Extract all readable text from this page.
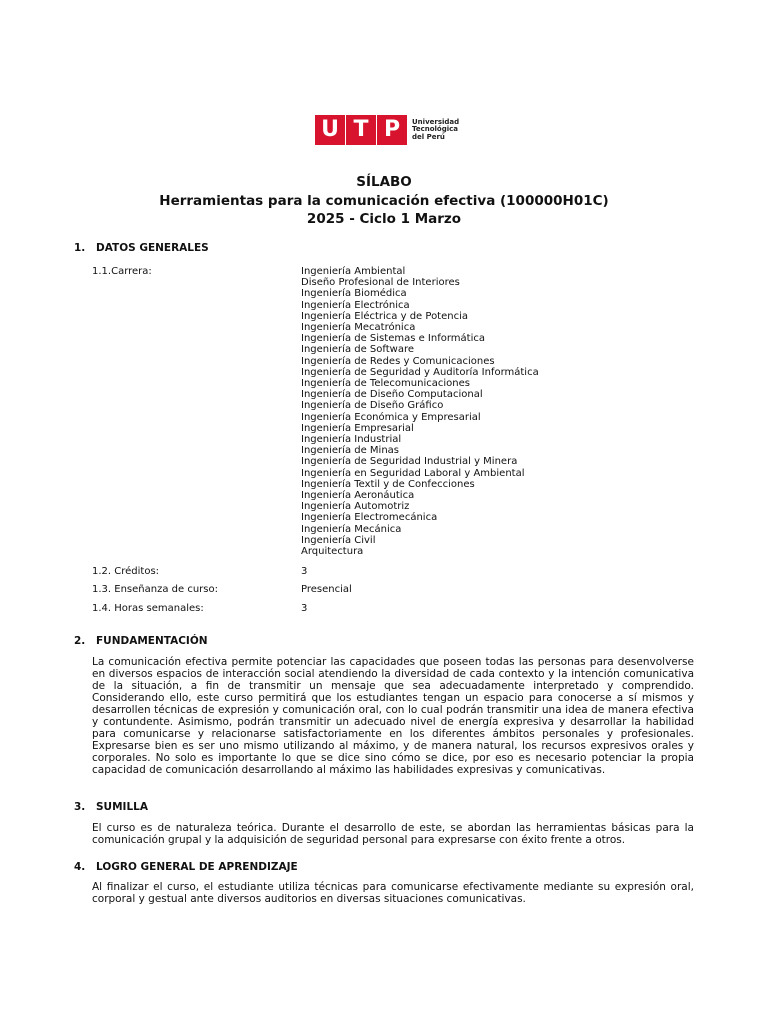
U T P	Universidad
Tecnológica
del Perú
SÍLABO
Herramientas para la comunicación efectiva (100000H01C)
2025 - Ciclo 1 Marzo
1. DATOS GENERALES
1.1.Carrera:	Ingeniería Ambiental
Diseño Profesional de Interiores
Ingeniería Biomédica
Ingeniería Electrónica
Ingeniería Eléctrica y de Potencia
Ingeniería Mecatrónica
Ingeniería de Sistemas e Informática
Ingeniería de Software
Ingeniería de Redes y Comunicaciones
Ingeniería de Seguridad y Auditoría Informática
Ingeniería de Telecomunicaciones
Ingeniería de Diseño Computacional
Ingeniería de Diseño Gráfico
Ingeniería Económica y Empresarial
Ingeniería Empresarial
Ingeniería Industrial
Ingeniería de Minas
Ingeniería de Seguridad Industrial y Minera
Ingeniería en Seguridad Laboral y Ambiental
Ingeniería Textil y de Confecciones
Ingeniería Aeronáutica
Ingeniería Automotriz
Ingeniería Electromecánica
Ingeniería Mecánica
Ingeniería Civil
Arquitectura
1.2. Créditos:	3
1.3. Enseñanza de curso:	Presencial
1.4. Horas semanales:	3
2. FUNDAMENTACIÓN
La comunicación efectiva permite potenciar las capacidades que poseen todas las personas para desenvolverse en diversos espacios de interacción social atendiendo la diversidad de cada contexto y la intención comunicativa de la situación, a fin de transmitir un mensaje que sea adecuadamente interpretado y comprendido. Considerando ello, este curso permitirá que los estudiantes tengan un espacio para conocerse a sí mismos y desarrollen técnicas de expresión y comunicación oral, con lo cual podrán transmitir una idea de manera efectiva y contundente. Asimismo, podrán transmitir un adecuado nivel de energía expresiva y desarrollar la habilidad para comunicarse y relacionarse satisfactoriamente en los diferentes ámbitos personales y profesionales. Expresarse bien es ser uno mismo utilizando al máximo, y de manera natural, los recursos expresivos orales y corporales. No solo es importante lo que se dice sino cómo se dice, por eso es necesario potenciar la propia capacidad de comunicación desarrollando al máximo las habilidades expresivas y comunicativas.
3. SUMILLA
El curso es de naturaleza teórica. Durante el desarrollo de este, se abordan las herramientas básicas para la comunicación grupal y la adquisición de seguridad personal para expresarse con éxito frente a otros.
4. LOGRO GENERAL DE APRENDIZAJE
Al finalizar el curso, el estudiante utiliza técnicas para comunicarse efectivamente mediante su expresión oral, corporal y gestual ante diversos auditorios en diversas situaciones comunicativas.
